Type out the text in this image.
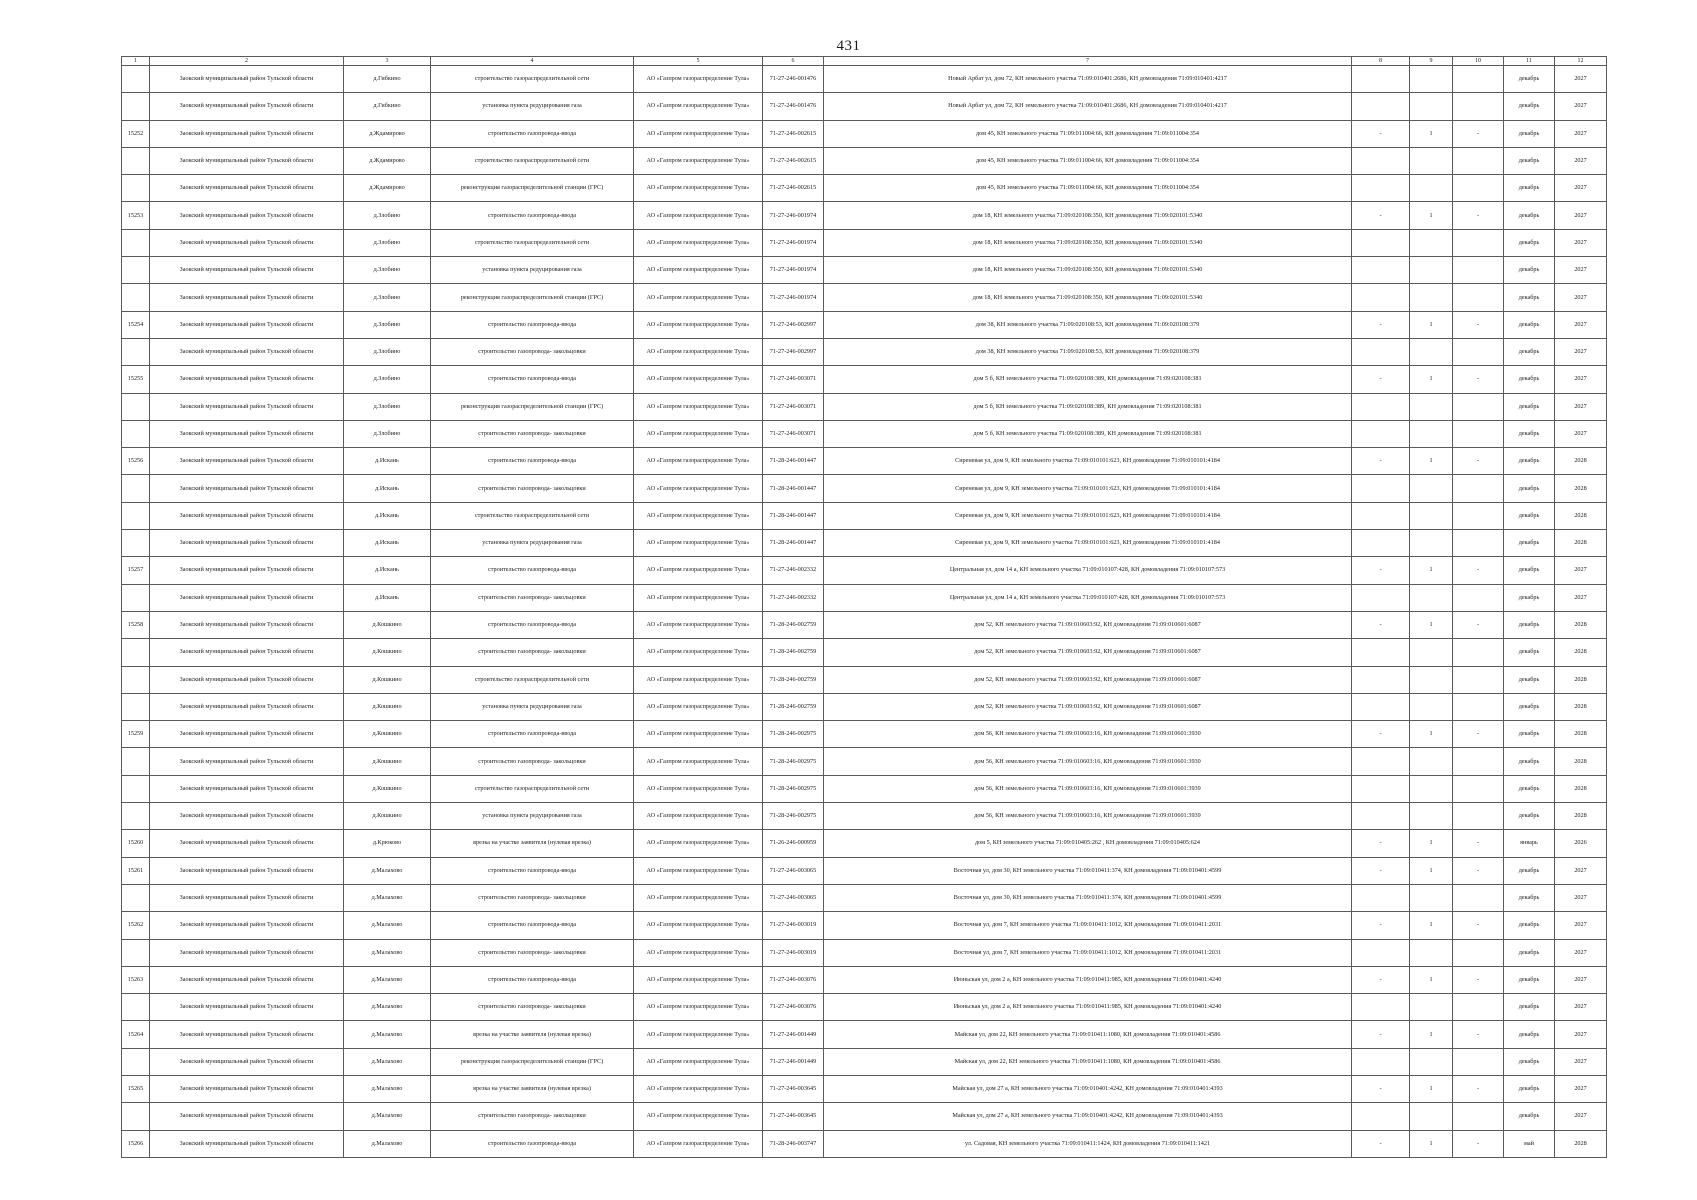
431
1	2	3	4	5	6	7	8	9	10	11	12
	Заокский муниципальный район Тульской области	д.Гибкино	строительство газораспределительной сети	АО «Газпром газораспределение Тула»	71-27-246-001476	Новый Арбат ул, дом 72, КН земельного участка 71:09:010401:2686, КН домовладения 71:09:010401:4217				декабрь	2027
	Заокский муниципальный район Тульской области	д.Гибкино	установка пункта редуцирования газа	АО «Газпром газораспределение Тула»	71-27-246-001476	Новый Арбат ул, дом 72, КН земельного участка 71:09:010401:2686, КН домовладения 71:09:010401:4217				декабрь	2027
15252	Заокский муниципальный район Тульской области	д.Ждамирово	строительство газопровода-ввода	АО «Газпром газораспределение Тула»	71-27-246-002615	дом 45, КН земельного участка 71:09:011004:66, КН домовладения 71:09:011004:354	-	1	-	декабрь	2027
	Заокский муниципальный район Тульской области	д.Ждамирово	строительство газораспределительной сети	АО «Газпром газораспределение Тула»	71-27-246-002615	дом 45, КН земельного участка 71:09:011004:66, КН домовладения 71:09:011004:354				декабрь	2027
	Заокский муниципальный район Тульской области	д.Ждамирово	реконструкция газораспределительной станции (ГРС)	АО «Газпром газораспределение Тула»	71-27-246-002615	дом 45, КН земельного участка 71:09:011004:66, КН домовладения 71:09:011004:354				декабрь	2027
15253	Заокский муниципальный район Тульской области	д.Злобино	строительство газопровода-ввода	АО «Газпром газораспределение Тула»	71-27-246-001974	дом 18, КН земельного участка 71:09:020108:350, КН домовладения 71:09:020101:5340	-	1	-	декабрь	2027
	Заокский муниципальный район Тульской области	д.Злобино	строительство газораспределительной сети	АО «Газпром газораспределение Тула»	71-27-246-001974	дом 18, КН земельного участка 71:09:020108:350, КН домовладения 71:09:020101:5340				декабрь	2027
	Заокский муниципальный район Тульской области	д.Злобино	установка пункта редуцирования газа	АО «Газпром газораспределение Тула»	71-27-246-001974	дом 18, КН земельного участка 71:09:020108:350, КН домовладения 71:09:020101:5340				декабрь	2027
	Заокский муниципальный район Тульской области	д.Злобино	реконструкция газораспределительной станции (ГРС)	АО «Газпром газораспределение Тула»	71-27-246-001974	дом 18, КН земельного участка 71:09:020108:350, КН домовладения 71:09:020101:5340				декабрь	2027
15254	Заокский муниципальный район Тульской области	д.Злобино	строительство газопровода-ввода	АО «Газпром газораспределение Тула»	71-27-246-002997	дом 38, КН земельного участка 71:09:020108:53, КН домовладения 71:09:020108:379	-	1	-	декабрь	2027
	Заокский муниципальный район Тульской области	д.Злобино	строительство газопровода- закольцовки	АО «Газпром газораспределение Тула»	71-27-246-002997	дом 38, КН земельного участка 71:09:020108:53, КН домовладения 71:09:020108:379				декабрь	2027
15255	Заокский муниципальный район Тульской области	д.Злобино	строительство газопровода-ввода	АО «Газпром газораспределение Тула»	71-27-246-003071	дом 5 б, КН земельного участка 71:09:020108:389, КН домовладения 71:09:020108:381	-	1	-	декабрь	2027
	Заокский муниципальный район Тульской области	д.Злобино	реконструкция газораспределительной станции (ГРС)	АО «Газпром газораспределение Тула»	71-27-246-003071	дом 5 б, КН земельного участка 71:09:020108:389, КН домовладения 71:09:020108:381				декабрь	2027
	Заокский муниципальный район Тульской области	д.Злобино	строительство газопровода- закольцовки	АО «Газпром газораспределение Тула»	71-27-246-003071	дом 5 б, КН земельного участка 71:09:020108:389, КН домовладения 71:09:020108:381				декабрь	2027
15256	Заокский муниципальный район Тульской области	д.Искань	строительство газопровода-ввода	АО «Газпром газораспределение Тула»	71-28-246-001447	Сиреневая ул, дом 9, КН земельного участка 71:09:010101:623, КН домовладения 71:09:010101:4184	-	1	-	декабрь	2028
	Заокский муниципальный район Тульской области	д.Искань	строительство газопровода- закольцовки	АО «Газпром газораспределение Тула»	71-28-246-001447	Сиреневая ул, дом 9, КН земельного участка 71:09:010101:623, КН домовладения 71:09:010101:4184				декабрь	2028
	Заокский муниципальный район Тульской области	д.Искань	строительство газораспределительной сети	АО «Газпром газораспределение Тула»	71-28-246-001447	Сиреневая ул, дом 9, КН земельного участка 71:09:010101:623, КН домовладения 71:09:010101:4184				декабрь	2028
	Заокский муниципальный район Тульской области	д.Искань	установка пункта редуцирования газа	АО «Газпром газораспределение Тула»	71-28-246-001447	Сиреневая ул, дом 9, КН земельного участка 71:09:010101:623, КН домовладения 71:09:010101:4184				декабрь	2028
15257	Заокский муниципальный район Тульской области	д.Искань	строительство газопровода-ввода	АО «Газпром газораспределение Тула»	71-27-246-002332	Центральная ул, дом 14 а, КН земельного участка 71:09:010107:428, КН домовладения 71:09:010107:573	-	1	-	декабрь	2027
	Заокский муниципальный район Тульской области	д.Искань	строительство газопровода- закольцовки	АО «Газпром газораспределение Тула»	71-27-246-002332	Центральная ул, дом 14 а, КН земельного участка 71:09:010107:428, КН домовладения 71:09:010107:573				декабрь	2027
15258	Заокский муниципальный район Тульской области	д.Кошкино	строительство газопровода-ввода	АО «Газпром газораспределение Тула»	71-28-246-002759	дом 52, КН земельного участка 71:09:010603:92, КН домовладения 71:09:010601:6087	-	1	-	декабрь	2028
	Заокский муниципальный район Тульской области	д.Кошкино	строительство газопровода- закольцовки	АО «Газпром газораспределение Тула»	71-28-246-002759	дом 52, КН земельного участка 71:09:010603:92, КН домовладения 71:09:010601:6087				декабрь	2028
	Заокский муниципальный район Тульской области	д.Кошкино	строительство газораспределительной сети	АО «Газпром газораспределение Тула»	71-28-246-002759	дом 52, КН земельного участка 71:09:010603:92, КН домовладения 71:09:010601:6087				декабрь	2028
	Заокский муниципальный район Тульской области	д.Кошкино	установка пункта редуцирования газа	АО «Газпром газораспределение Тула»	71-28-246-002759	дом 52, КН земельного участка 71:09:010603:92, КН домовладения 71:09:010601:6087				декабрь	2028
15259	Заокский муниципальный район Тульской области	д.Кошкино	строительство газопровода-ввода	АО «Газпром газораспределение Тула»	71-28-246-002975	дом 56, КН земельного участка 71:09:010603:16, КН домовладения 71:09:010601:3930	-	1	-	декабрь	2028
	Заокский муниципальный район Тульской области	д.Кошкино	строительство газопровода- закольцовки	АО «Газпром газораспределение Тула»	71-28-246-002975	дом 56, КН земельного участка 71:09:010603:16, КН домовладения 71:09:010601:3930				декабрь	2028
	Заокский муниципальный район Тульской области	д.Кошкино	строительство газораспределительной сети	АО «Газпром газораспределение Тула»	71-28-246-002975	дом 56, КН земельного участка 71:09:010603:16, КН домовладения 71:09:010601:3939				декабрь	2028
	Заокский муниципальный район Тульской области	д.Кошкино	установка пункта редуцирования газа	АО «Газпром газораспределение Тула»	71-28-246-002975	дом 56, КН земельного участка 71:09:010603:16, КН домовладения 71:09:010601:3939				декабрь	2028
15260	Заокский муниципальный район Тульской области	д.Крюково	врезка на участке заявителя (нулевая врезка)	АО «Газпром газораспределение Тула»	71-26-246-000959	дом 5, КН земельного участка 71:09:010405:262 , КН домовладения 71:09:010405:624	-	1	-	январь	2026
15261	Заокский муниципальный район Тульской области	д.Малахово	строительство газопровода-ввода	АО «Газпром газораспределение Тула»	71-27-246-003065	Восточная ул, дом 30, КН земельного участка 71:09:010411:374, КН домовладения 71:09:010401:4599	-	1	-	декабрь	2027
	Заокский муниципальный район Тульской области	д.Малахово	строительство газопровода- закольцовки	АО «Газпром газораспределение Тула»	71-27-246-003065	Восточная ул, дом 30, КН земельного участка 71:09:010411:374, КН домовладения 71:09:010401:4599				декабрь	2027
15262	Заокский муниципальный район Тульской области	д.Малахово	строительство газопровода-ввода	АО «Газпром газораспределение Тула»	71-27-246-003019	Восточная ул, дом 7, КН земельного участка 71:09:010411:1012, КН домовладения 71:09:010411:2031	-	1	-	декабрь	2027
	Заокский муниципальный район Тульской области	д.Малахово	строительство газопровода- закольцовки	АО «Газпром газораспределение Тула»	71-27-246-003019	Восточная ул, дом 7, КН земельного участка 71:09:010411:1012, КН домовладения 71:09:010411:2031				декабрь	2027
15263	Заокский муниципальный район Тульской области	д.Малахово	строительство газопровода-ввода	АО «Газпром газораспределение Тула»	71-27-246-003076	Июньская ул, дом 2 а, КН земельного участка 71:09:010411:985, КН домовладения 71:09:010401:4240	-	1	-	декабрь	2027
	Заокский муниципальный район Тульской области	д.Малахово	строительство газопровода- закольцовки	АО «Газпром газораспределение Тула»	71-27-246-003076	Июньская ул, дом 2 а, КН земельного участка 71:09:010411:985, КН домовладения 71:09:010401:4240				декабрь	2027
15264	Заокский муниципальный район Тульской области	д.Малахово	врезка на участке заявителя (нулевая врезка)	АО «Газпром газораспределение Тула»	71-27-246-001449	Майская ул, дом 22, КН земельного участка 71:09:010411:1080, КН домовладения 71:09:010401:4586	-	1	-	декабрь	2027
	Заокский муниципальный район Тульской области	д.Малахово	реконструкция газораспределительной станции (ГРС)	АО «Газпром газораспределение Тула»	71-27-246-001449	Майская ул, дом 22, КН земельного участка 71:09:010411:1080, КН домовладения 71:09:010401:4586				декабрь	2027
15265	Заокский муниципальный район Тульской области	д.Малахово	врезка на участке заявителя (нулевая врезка)	АО «Газпром газораспределение Тула»	71-27-246-003645	Майская ул, дом 27 а, КН земельного участка 71:09:010401:4242, КН домовладения 71:09:010401:4393	-	1	-	декабрь	2027
	Заокский муниципальный район Тульской области	д.Малахово	строительство газопровода- закольцовки	АО «Газпром газораспределение Тула»	71-27-246-003645	Майская ул, дом 27 а, КН земельного участка 71:09:010401:4242, КН домовладения 71:09:010401:4393				декабрь	2027
15266	Заокский муниципальный район Тульской области	д.Малахово	строительство газопровода-ввода	АО «Газпром газораспределение Тула»	71-28-246-003747	ул. Садовая, КН земельного участка 71:09:010411:1424, КН домовладения 71:09:010411:1421	-	1	-	май	2028
